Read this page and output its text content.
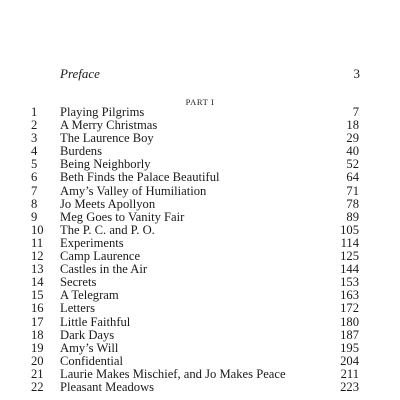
Preface	3
PART I
1	Playing Pilgrims	7
2	A Merry Christmas	18
3	The Laurence Boy	29
4	Burdens	40
5	Being Neighborly	52
6	Beth Finds the Palace Beautiful	64
7	Amy’s Valley of Humiliation	71
8	Jo Meets Apollyon	78
9	Meg Goes to Vanity Fair	89
10	The P. C. and P. O.	105
11	Experiments	114
12	Camp Laurence	125
13	Castles in the Air	144
14	Secrets	153
15	A Telegram	163
16	Letters	172
17	Little Faithful	180
18	Dark Days	187
19	Amy’s Will	195
20	Confidential	204
21	Laurie Makes Mischief, and Jo Makes Peace	211
22	Pleasant Meadows	223
